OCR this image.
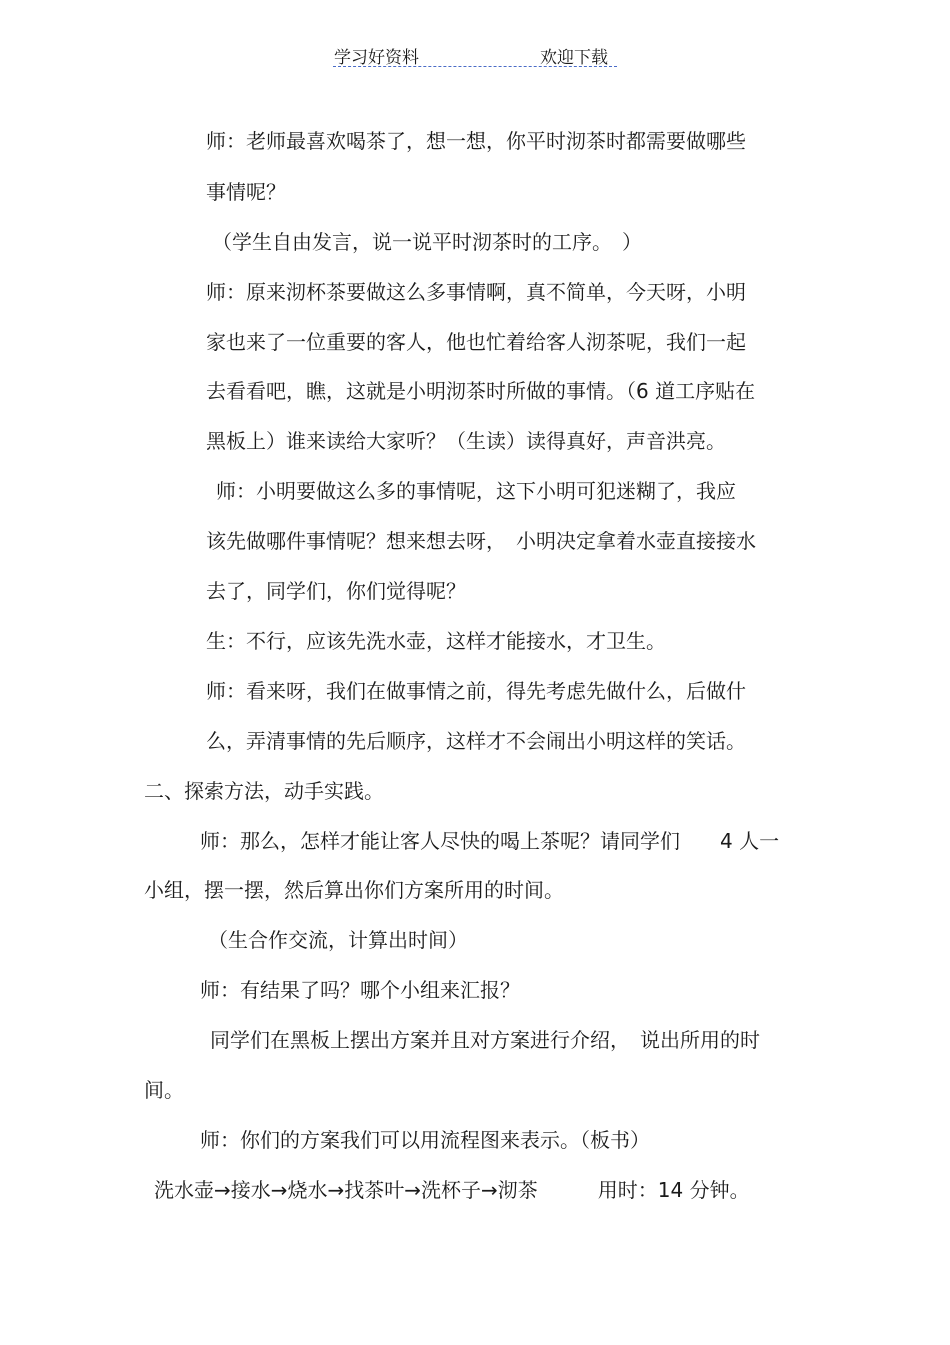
学习好资料	欢迎下载
师：老师最喜欢喝茶了，想一想，你平时沏茶时都需要做哪些
事情呢？
（学生自由发言，说一说平时沏茶时的工序。　）
师：原来沏杯茶要做这么多事情啊，真不简单，今天呀，小明
家也来了一位重要的客人，他也忙着给客人沏茶呢，我们一起
去看看吧，瞧，这就是小明沏茶时所做的事情。（6 道工序贴在
黑板上）谁来读给大家听？（生读）读得真好，声音洪亮。
师：小明要做这么多的事情呢，这下小明可犯迷糊了，我应
该先做哪件事情呢？想来想去呀，　小明决定拿着水壶直接接水
去了，同学们，你们觉得呢？
生：不行，应该先洗水壶，这样才能接水，才卫生。
师：看来呀，我们在做事情之前，得先考虑先做什么，后做什
么，弄清事情的先后顺序，这样才不会闹出小明这样的笑话。
二、探索方法，动手实践。
师：那么，怎样才能让客人尽快的喝上茶呢？请同学们　　4 人一
小组，摆一摆，然后算出你们方案所用的时间。
（生合作交流，计算出时间）
师：有结果了吗？哪个小组来汇报？
同学们在黑板上摆出方案并且对方案进行介绍，　说出所用的时
间。
师：你们的方案我们可以用流程图来表示。（板书）
洗水壶→接水→烧水→找茶叶→洗杯子→沏茶　　　用时：14 分钟。
